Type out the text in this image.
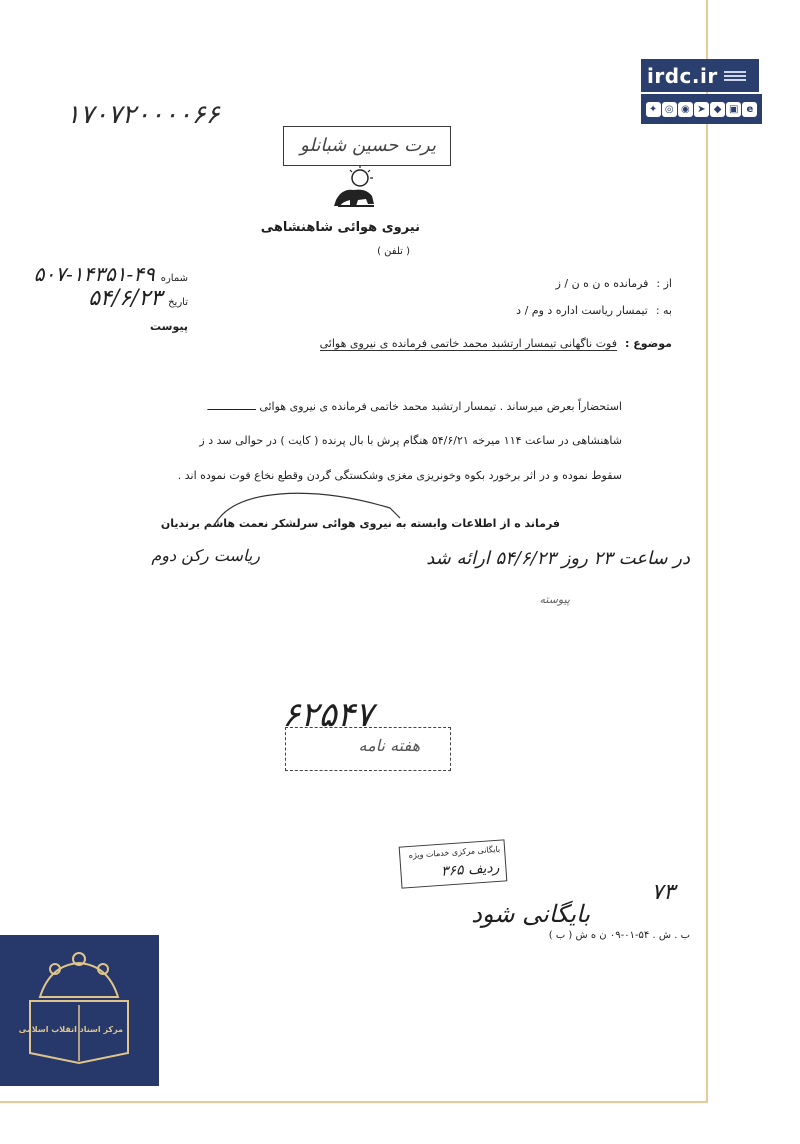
۱۷۰۷۲۰۰۰۰۶۶
یرت حسین شبانلو
نیروی هوائی شاهنشاهی
( تلفن )
شماره
۵۰۷-۱۴۳۵۱-۴۹
تاریخ
۵۴/۶/۲۳
پیوست
از :
فرمانده ه ن ه ن / ز
به :
تیمسار ریاست اداره د وم / د
موضوع :
فوت ناگهانی تیمسار ارتشبد محمد خاتمی فرمانده ی نیروی هوائی
استحضاراً بعرض میرساند . تیمسار ارتشبد محمد خاتمی فرمانده ی نیروی هوائی ـــــــــــــــ
شاهنشاهی در ساعت ۱۱۴ میرخه ۵۴/۶/۲۱ هنگام پرش با بال پرنده ( کایت ) در حوالی سد د ز
سقوط نموده و در اثر برخورد بکوه وخونریزی مغزی وشکستگی گردن وقطع نخاع فوت نموده اند .
فرماند ه از اطلاعات وابسته به نیروی هوائی سرلشکر نعمت هاشم برندیان
ریاست رکن دوم	در ساعت ۲۳ روز ۵۴/۶/۲۳ ارائه شد
پیوسته
۶۲۵۴۷
هفته نامه
بایگانی مرکزی خدمات ویژه
ردیف ۳۶۵
۷۳
بایگانی شود
ب . ش . ۵۴-۰۱-۰۹ ن ه ش ( ب )
irdc.ir
✦ ◎ ◉ ➤ ◆ ▣ e
مرکز اسناد انقلاب اسلامی
